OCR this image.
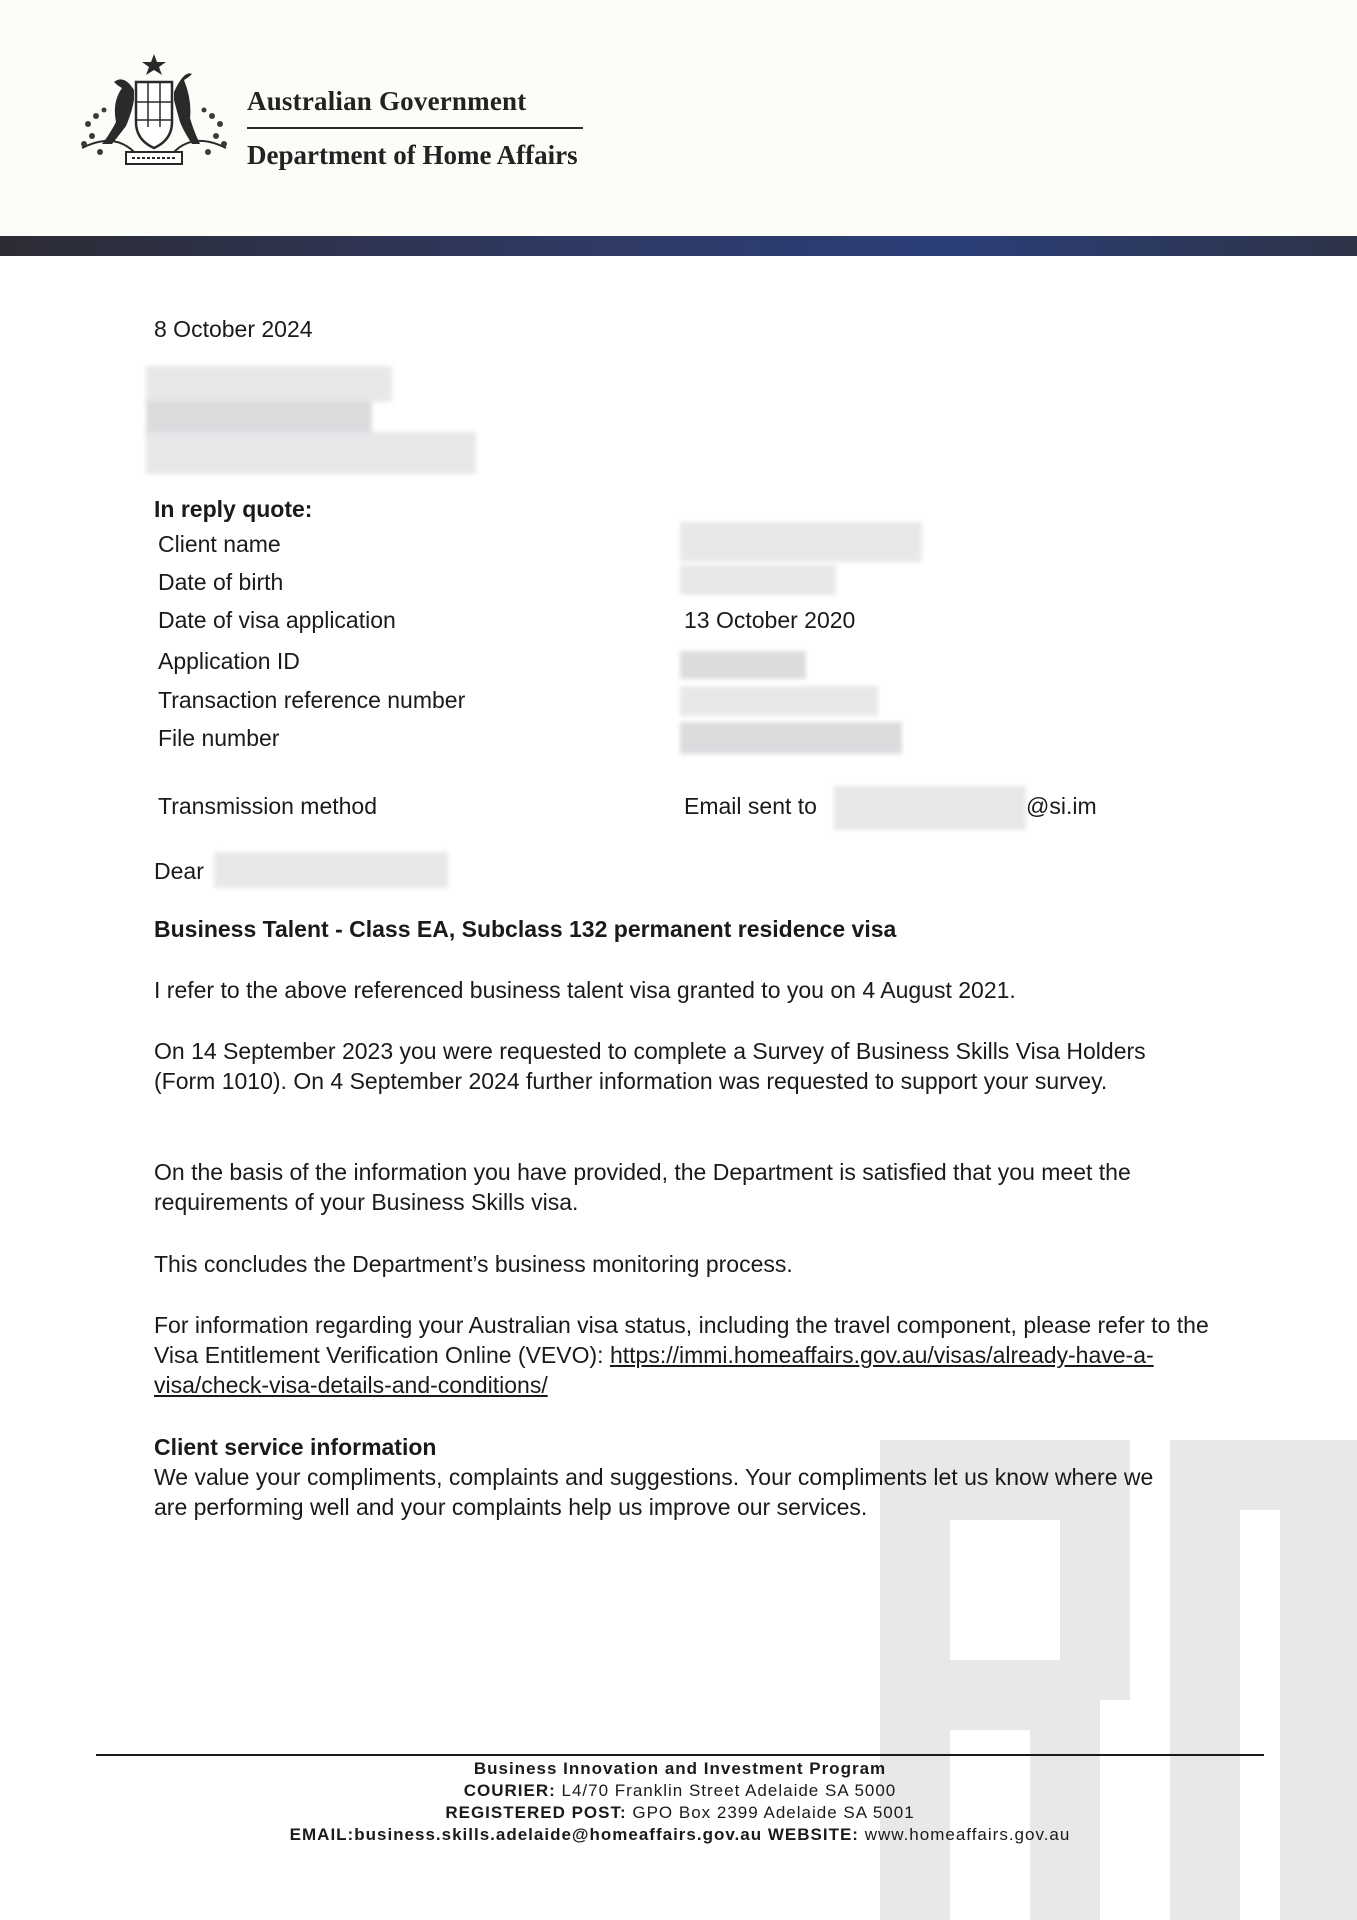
Australian Government
Department of Home Affairs
8 October 2024
In reply quote:
Client name
Date of birth
Date of visa application	13 October 2020
Application ID
Transaction reference number
File number
Transmission method	Email sent to	@si.im
Dear
Business Talent - Class EA, Subclass 132 permanent residence visa
I refer to the above referenced business talent visa granted to you on 4 August 2021.
On 14 September 2023 you were requested to complete a Survey of Business Skills Visa Holders (Form 1010). On 4 September 2024 further information was requested to support your survey.
On the basis of the information you have provided, the Department is satisfied that you meet the requirements of your Business Skills visa.
This concludes the Department’s business monitoring process.
For information regarding your Australian visa status, including the travel component, please refer to the Visa Entitlement Verification Online (VEVO): https://immi.homeaffairs.gov.au/visas/already-have-a-visa/check-visa-details-and-conditions/
Client service information
We value your compliments, complaints and suggestions. Your compliments let us know where we are performing well and your complaints help us improve our services.
Business Innovation and Investment Program
COURIER: L4/70 Franklin Street Adelaide SA 5000
REGISTERED POST: GPO Box 2399 Adelaide SA 5001
EMAIL:business.skills.adelaide@homeaffairs.gov.au WEBSITE: www.homeaffairs.gov.au
